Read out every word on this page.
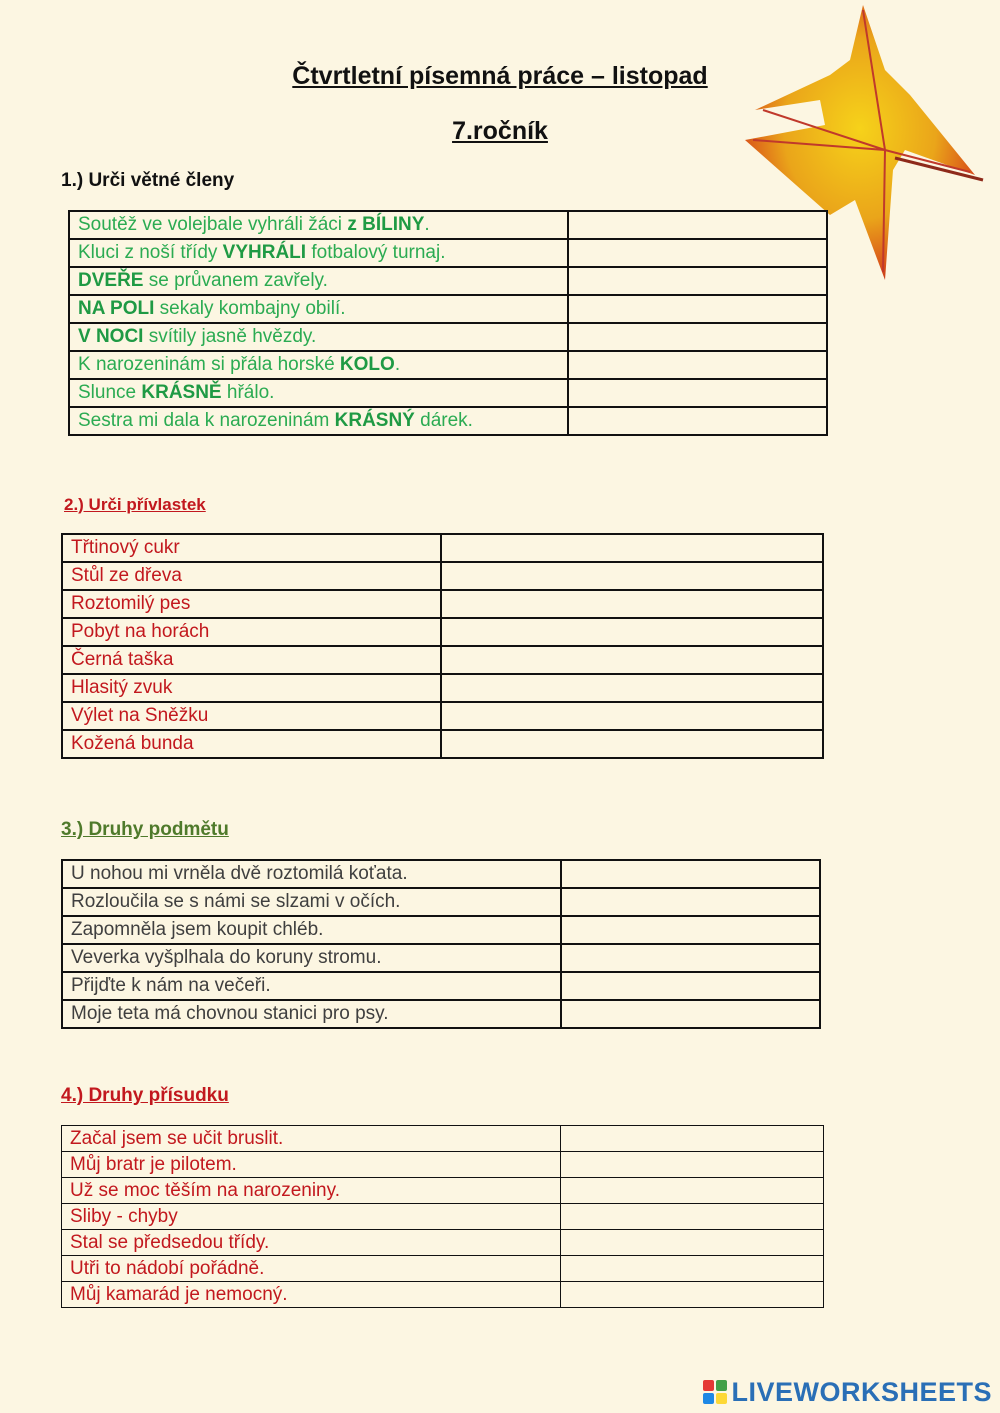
Čtvrtletní písemná práce – listopad
7.ročník
1.) Urči větné členy
Soutěž ve volejbale vyhráli žáci z BÍLINY.	
Kluci z noší třídy VYHRÁLI fotbalový turnaj.	
DVEŘE se průvanem zavřely.	
NA POLI sekaly kombajny obilí.	
V NOCI svítily jasně hvězdy.	
K narozeninám si přála horské KOLO.	
Slunce KRÁSNĚ hřálo.	
Sestra mi dala k narozeninám KRÁSNÝ dárek.	
2.) Urči přívlastek
Třtinový cukr	
Stůl ze dřeva	
Roztomilý pes	
Pobyt na horách	
Černá taška	
Hlasitý zvuk	
Výlet na Sněžku	
Kožená bunda	
3.) Druhy podmětu
U nohou mi vrněla dvě roztomilá koťata.	
Rozloučila se s námi se slzami v očích.	
Zapomněla jsem koupit chléb.	
Veverka vyšplhala do koruny stromu.	
Přijďte k nám na večeři.	
Moje teta má chovnou stanici pro psy.	
4.) Druhy přísudku
Začal jsem se učit bruslit.	
Můj bratr je pilotem.	
Už se moc těším na narozeniny.	
Sliby - chyby	
Stal se předsedou třídy.	
Utři to nádobí pořádně.	
Můj kamarád je nemocný.	
LIVEWORKSHEETS
